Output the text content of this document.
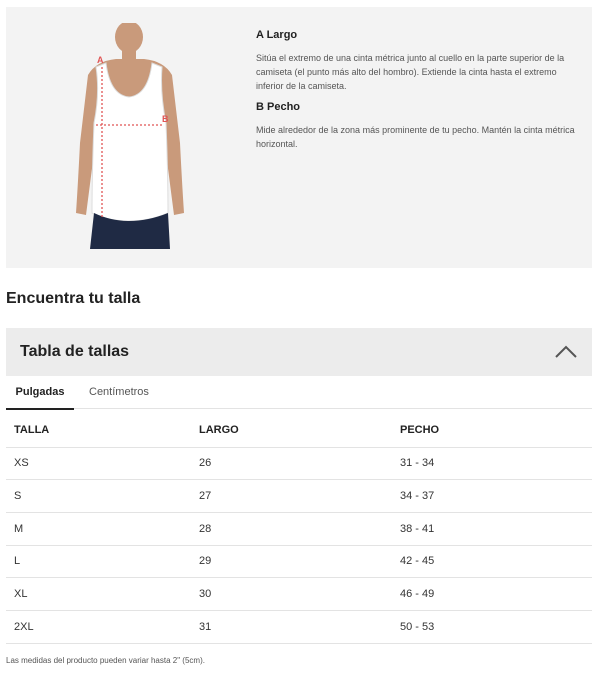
A
B
A Largo
Sitúa el extremo de una cinta métrica junto al cuello en la parte superior de la camiseta (el punto más alto del hombro). Extiende la cinta hasta el extremo inferior de la camiseta.
B Pecho
Mide alrededor de la zona más prominente de tu pecho. Mantén la cinta métrica horizontal.
Encuentra tu talla
Tabla de tallas
Pulgadas	Centímetros
TALLA	LARGO	PECHO
XS	26	31 - 34
S	27	34 - 37
M	28	38 - 41
L	29	42 - 45
XL	30	46 - 49
2XL	31	50 - 53
Las medidas del producto pueden variar hasta 2" (5cm).
